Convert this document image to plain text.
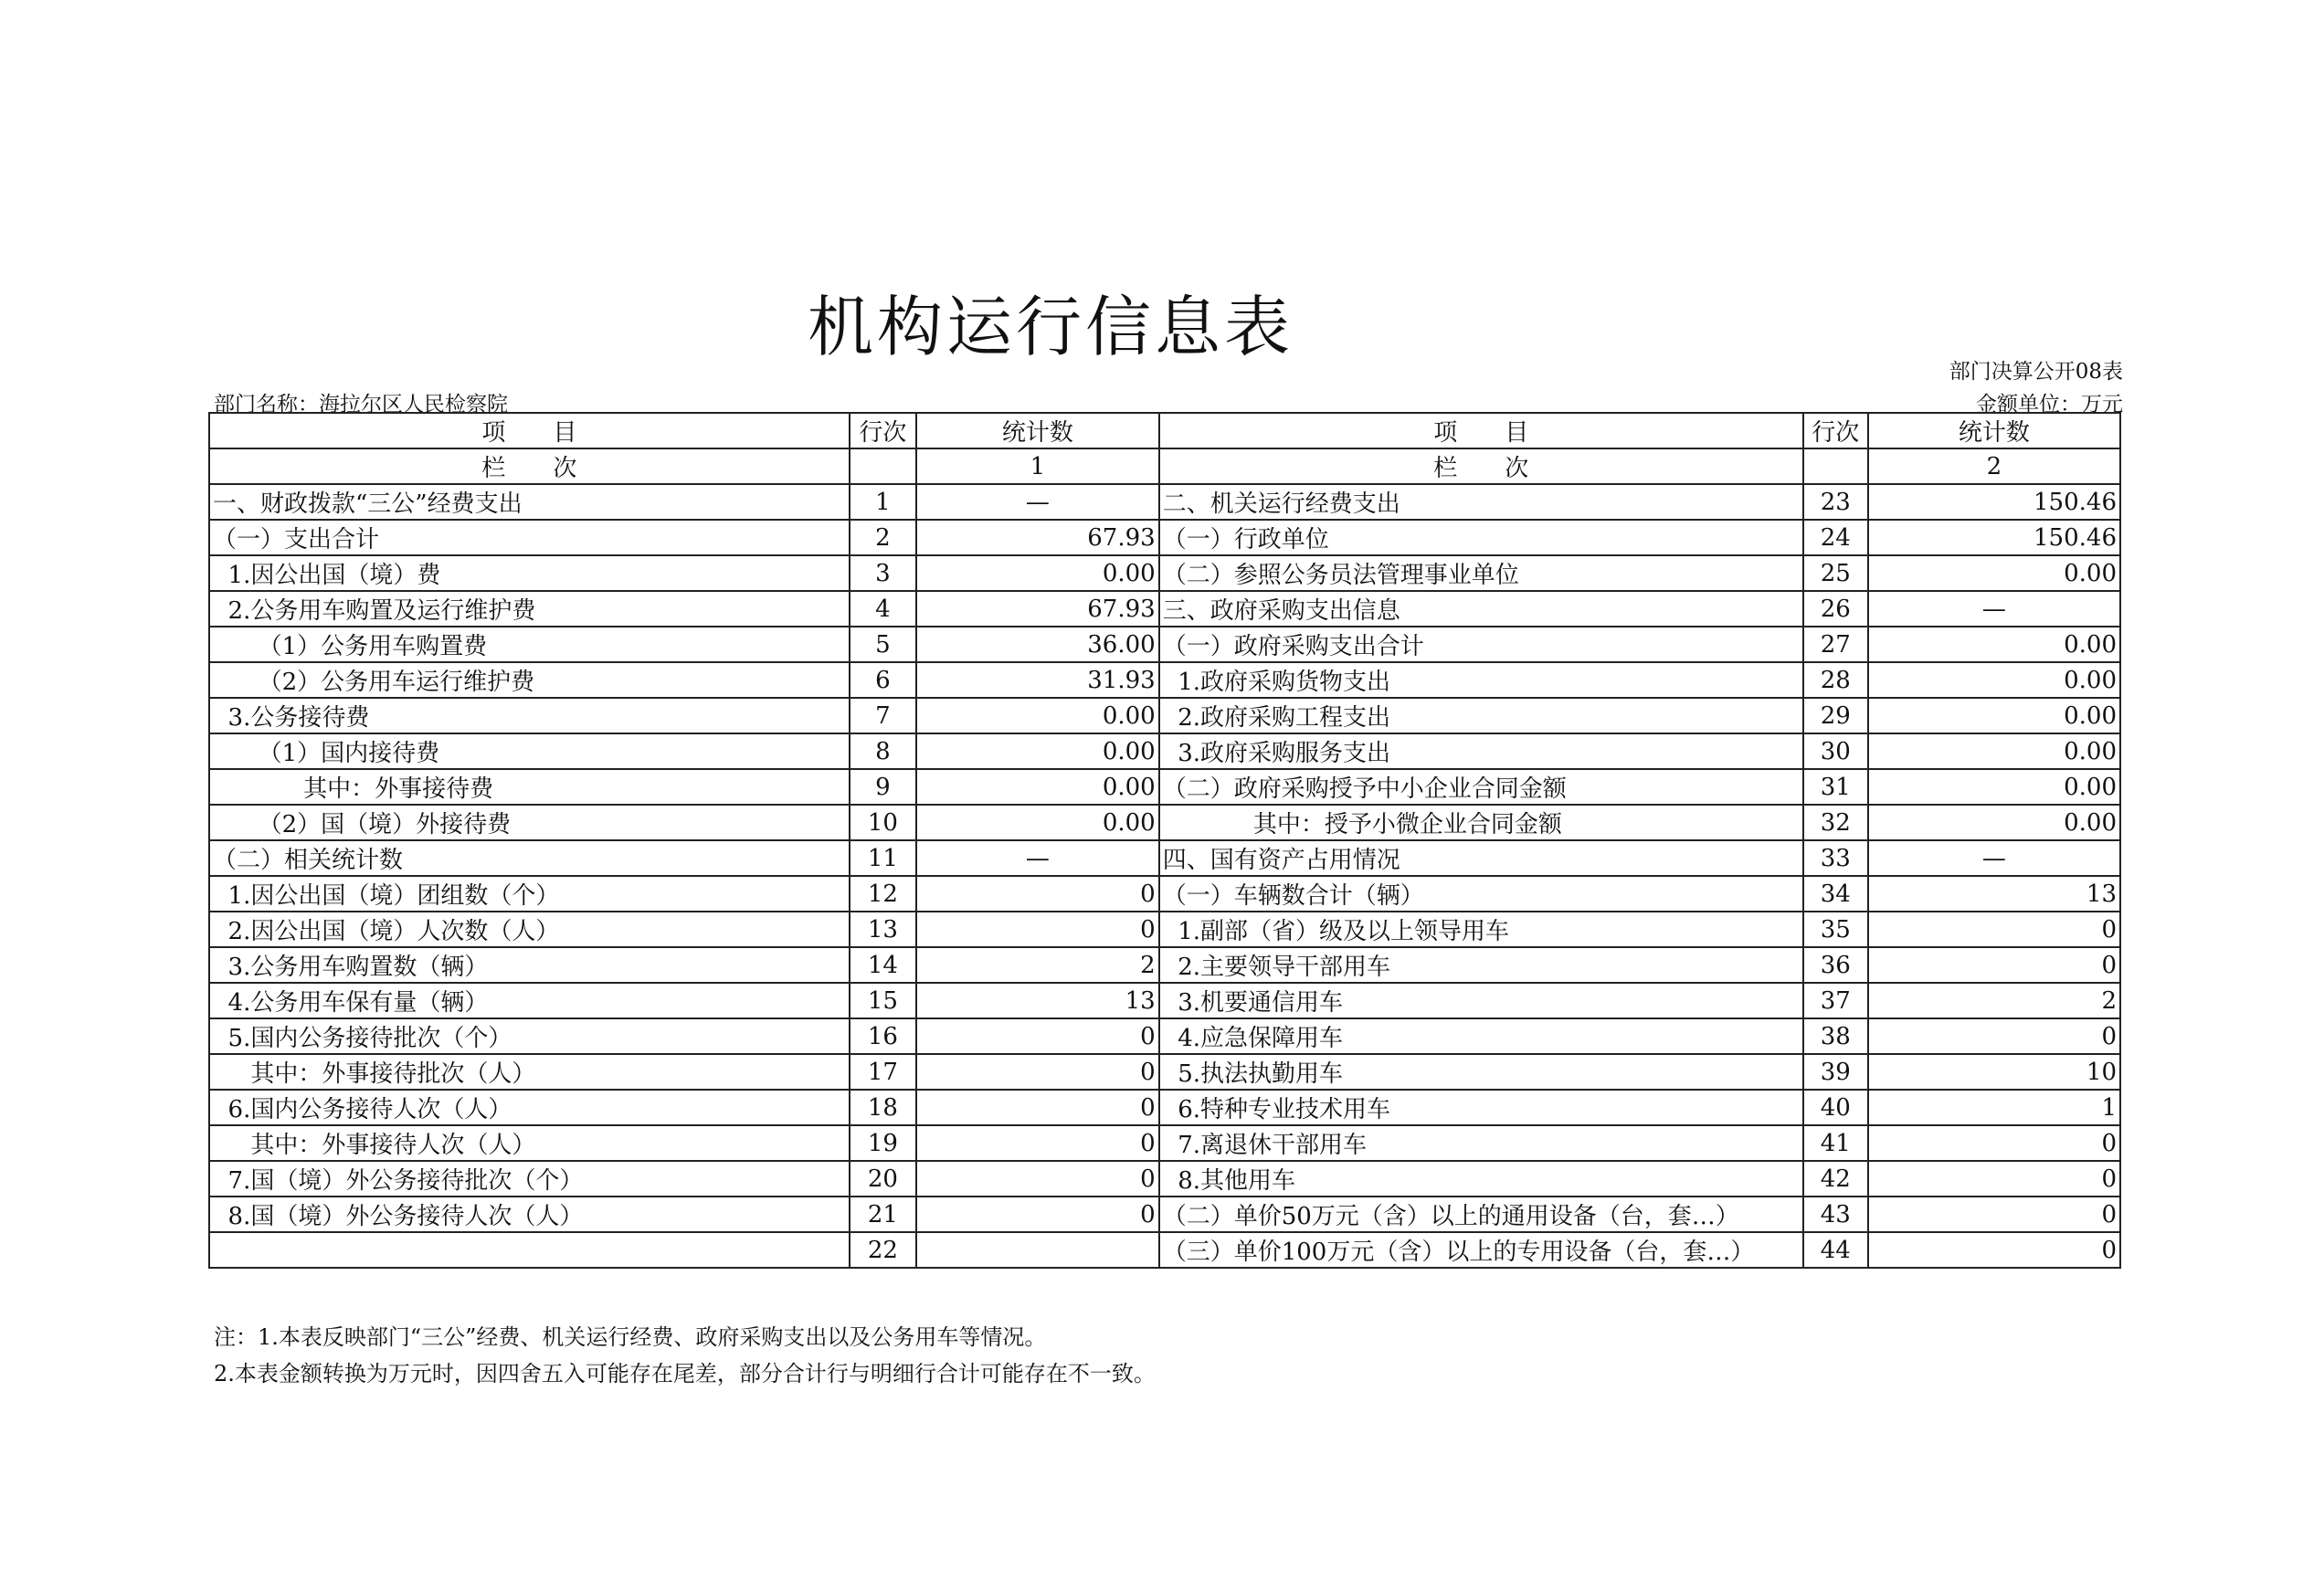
机构运行信息表
部门决算公开08表
部门名称：海拉尔区人民检察院	金额单位：万元
项　　目	行次	统计数	项　　目	行次	统计数
栏　　次		1	栏　　次		2
一、财政拨款“三公”经费支出	1	—	二、机关运行经费支出	23	150.46
（一）支出合计	2	67.93	（一）行政单位	24	150.46
1.因公出国（境）费	3	0.00	（二）参照公务员法管理事业单位	25	0.00
2.公务用车购置及运行维护费	4	67.93	三、政府采购支出信息	26	—
（1）公务用车购置费	5	36.00	（一）政府采购支出合计	27	0.00
（2）公务用车运行维护费	6	31.93	1.政府采购货物支出	28	0.00
3.公务接待费	7	0.00	2.政府采购工程支出	29	0.00
（1）国内接待费	8	0.00	3.政府采购服务支出	30	0.00
其中：外事接待费	9	0.00	（二）政府采购授予中小企业合同金额	31	0.00
（2）国（境）外接待费	10	0.00	其中：授予小微企业合同金额	32	0.00
（二）相关统计数	11	—	四、国有资产占用情况	33	—
1.因公出国（境）团组数（个）	12	0	（一）车辆数合计（辆）	34	13
2.因公出国（境）人次数（人）	13	0	1.副部（省）级及以上领导用车	35	0
3.公务用车购置数（辆）	14	2	2.主要领导干部用车	36	0
4.公务用车保有量（辆）	15	13	3.机要通信用车	37	2
5.国内公务接待批次（个）	16	0	4.应急保障用车	38	0
其中：外事接待批次（人）	17	0	5.执法执勤用车	39	10
6.国内公务接待人次（人）	18	0	6.特种专业技术用车	40	1
其中：外事接待人次（人）	19	0	7.离退休干部用车	41	0
7.国（境）外公务接待批次（个）	20	0	8.其他用车	42	0
8.国（境）外公务接待人次（人）	21	0	（二）单价50万元（含）以上的通用设备（台，套…）	43	0
	22		（三）单价100万元（含）以上的专用设备（台，套…）	44	0
注：1.本表反映部门“三公”经费、机关运行经费、政府采购支出以及公务用车等情况。
2.本表金额转换为万元时，因四舍五入可能存在尾差，部分合计行与明细行合计可能存在不一致。
